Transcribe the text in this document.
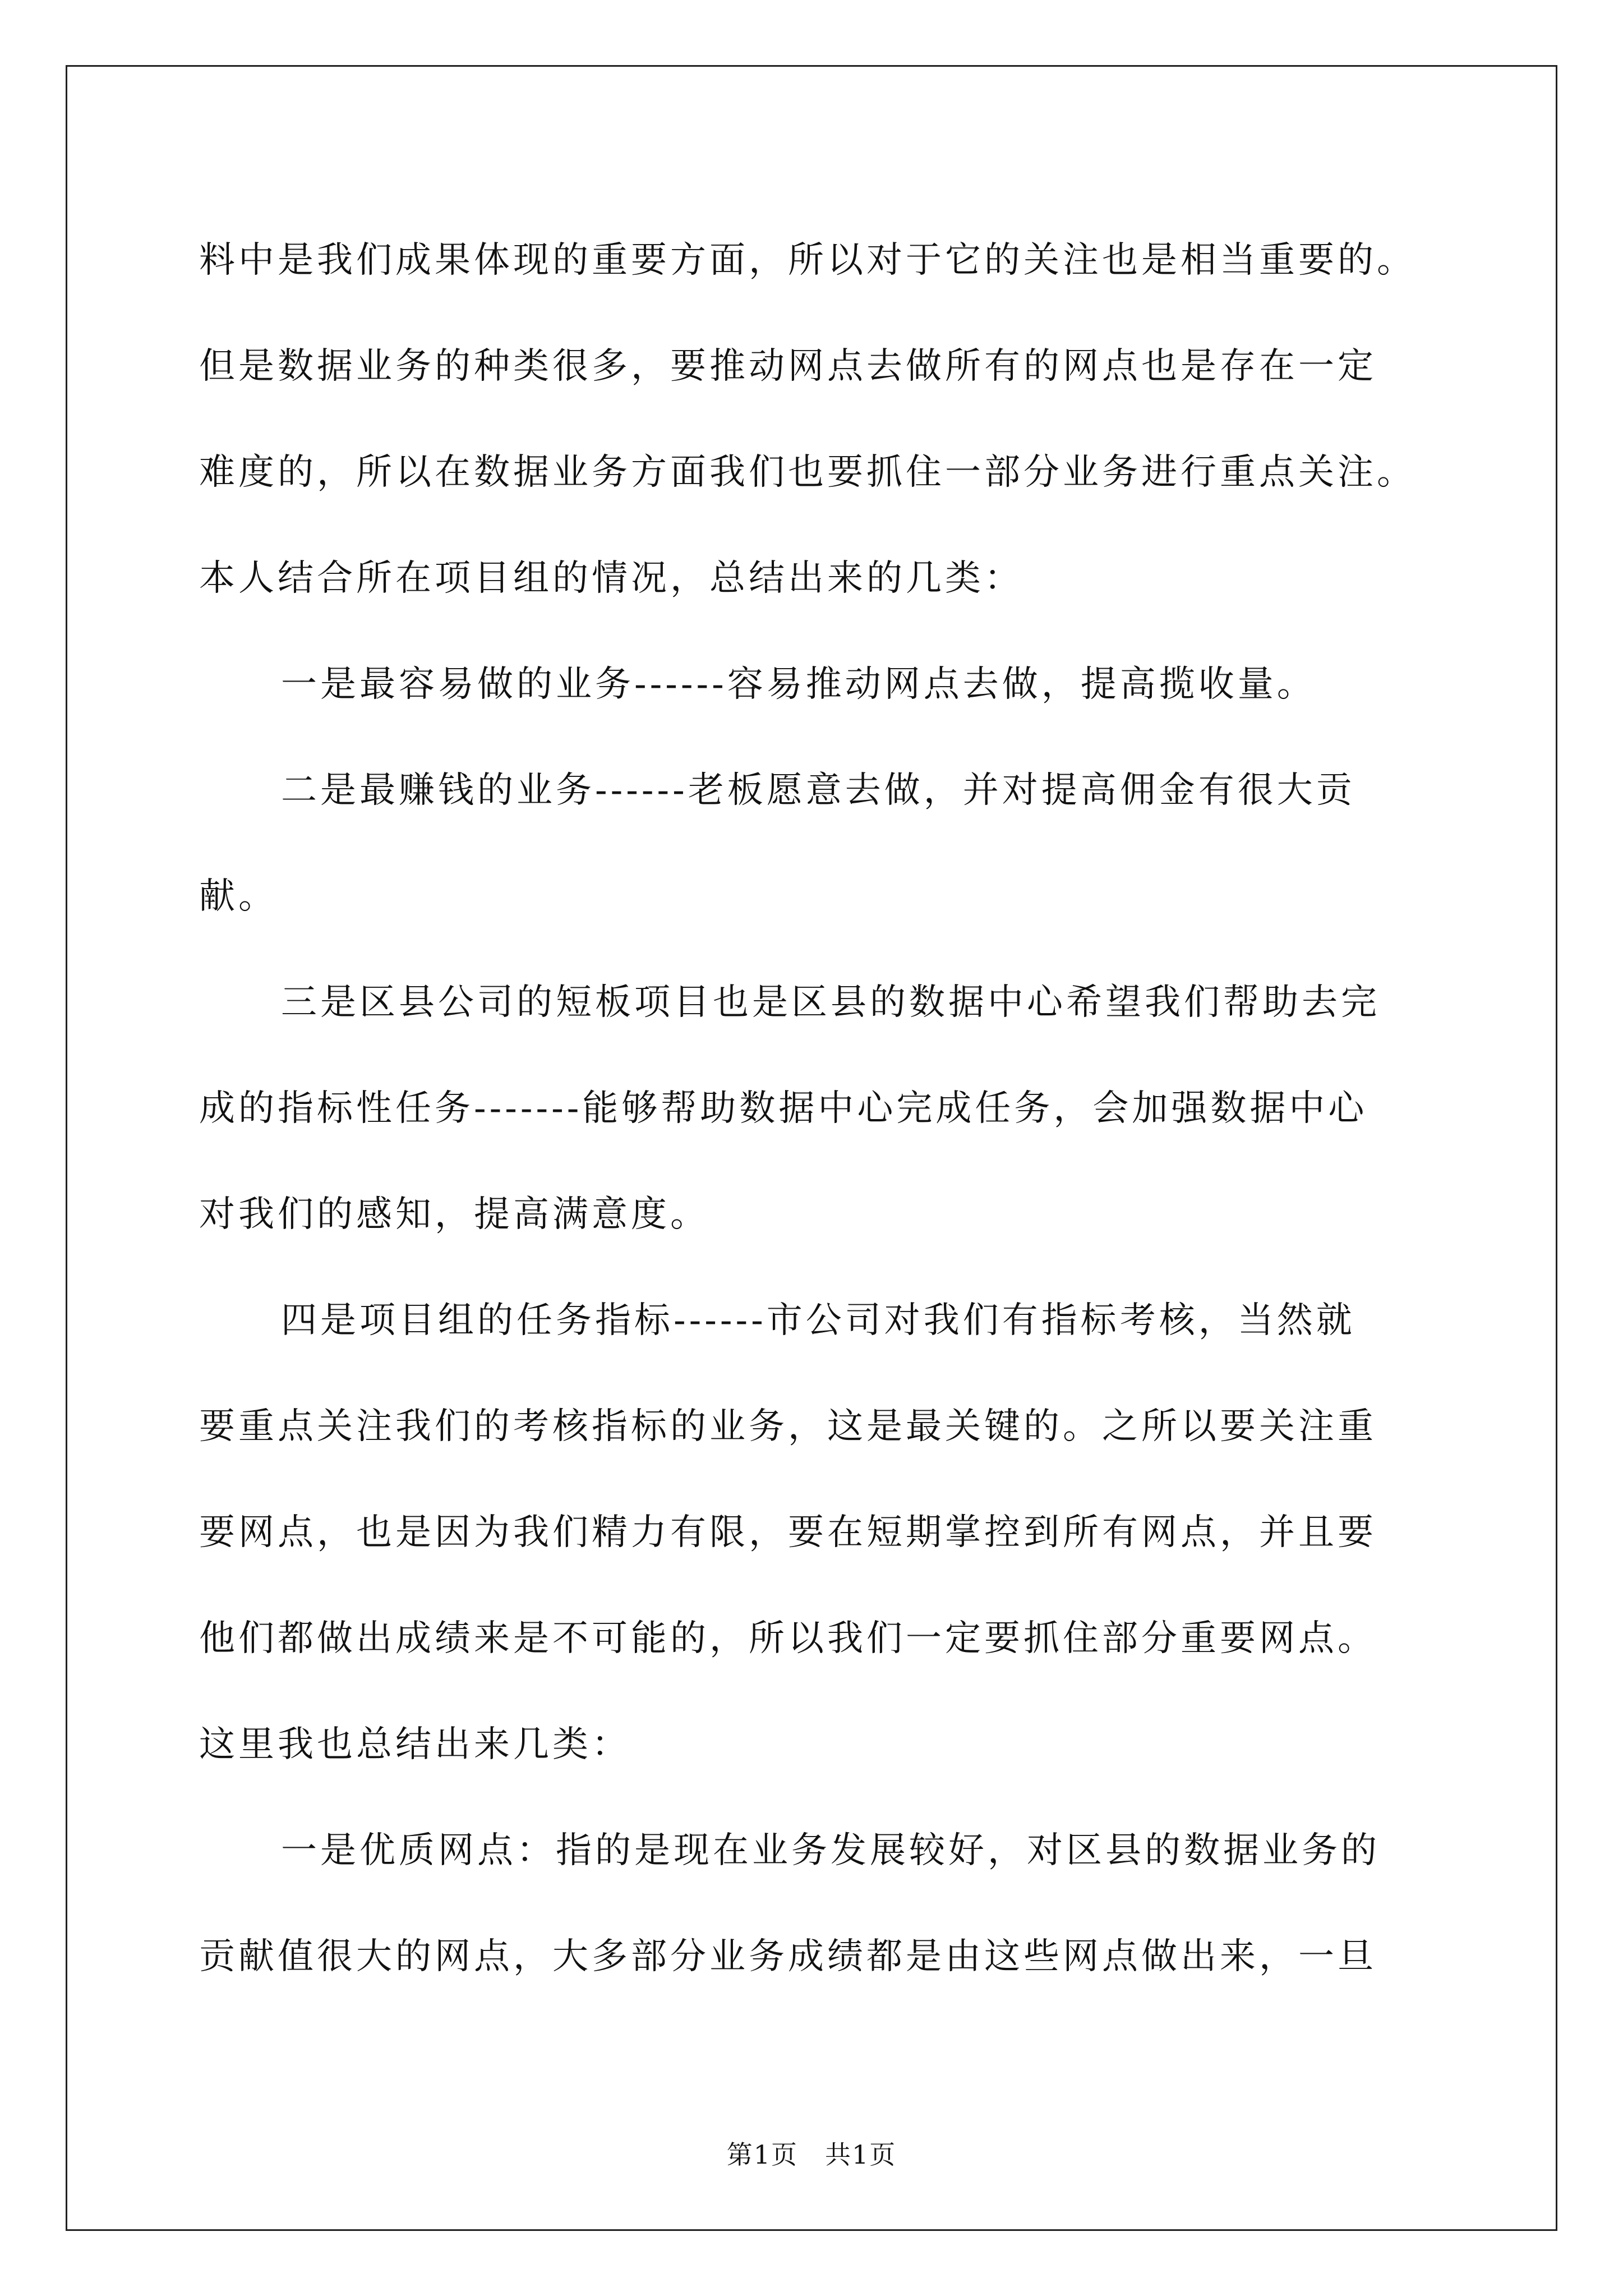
料中是我们成果体现的重要方面，所以对于它的关注也是相当重要的。
但是数据业务的种类很多，要推动网点去做所有的网点也是存在一定
难度的，所以在数据业务方面我们也要抓住一部分业务进行重点关注。
本人结合所在项目组的情况，总结出来的几类：

一是最容易做的业务------容易推动网点去做，提高揽收量。

二是最赚钱的业务------老板愿意去做，并对提高佣金有很大贡
献。

三是区县公司的短板项目也是区县的数据中心希望我们帮助去完
成的指标性任务-------能够帮助数据中心完成任务，会加强数据中心
对我们的感知，提高满意度。

四是项目组的任务指标------市公司对我们有指标考核，当然就
要重点关注我们的考核指标的业务，这是最关键的。之所以要关注重
要网点，也是因为我们精力有限，要在短期掌控到所有网点，并且要
他们都做出成绩来是不可能的，所以我们一定要抓住部分重要网点。
这里我也总结出来几类：

一是优质网点：指的是现在业务发展较好，对区县的数据业务的
贡献值很大的网点，大多部分业务成绩都是由这些网点做出来，一旦

第1页　共1页
